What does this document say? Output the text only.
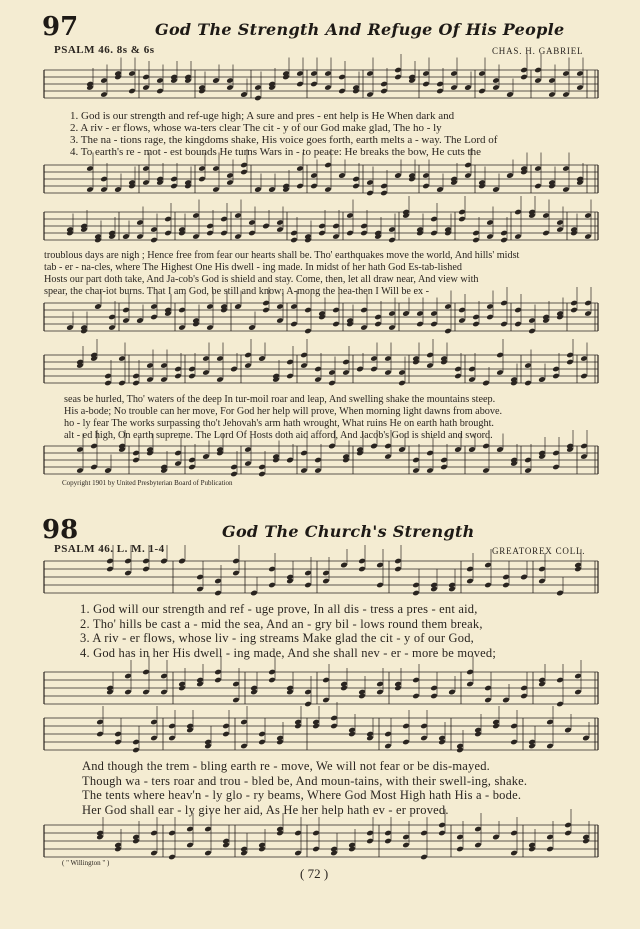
97	God The Strength And Refuge Of His People
PSALM 46. 8s & 6s	CHAS. H. GABRIEL
1. God is our strength and ref-uge high; A sure and pres - ent help is He When dark and
2. A riv - er flows, whose wa-ters clear The cit - y of our God make glad, The ho - ly
3. The na - tions rage, the kingdoms shake, His voice goes forth, earth melts a - way. The Lord of
4. To earth's re - mot - est bounds He turns Wars in - to peace: He breaks the bow, He cuts the
troublous days are nigh ; Hence free from fear our hearts shall be. Tho' earthquakes move the world, And hills' midst
tab - er - na-cles, where The Highest One His dwell - ing made. In midst of her hath God Es-tab-lished
Hosts our part doth take, And Ja-cob's God is shield and stay. Come, then, let all draw near, And view with
spear, the char-iot burns. That I am God, be still and know; A-mong the hea-then I Will be ex -
seas be hurled, Tho' waters of the deep In tur-moil roar and leap, And swelling shake the mountains steep.
His a-bode; No trouble can her move, For God her help will prove, When morning light dawns from above.
ho - ly fear The works surpassing tho't Jehovah's arm hath wrought, What ruins He on earth hath brought.
alt - ed high, On earth supreme. The Lord Of Hosts doth aid afford, And Jacob's God is shield and sword.
Copyright 1901 by United Presbyterian Board of Publication
98	God The Church's Strength
PSALM 46. L. M. 1-4	GREATOREX COLL.
1. God will our strength and ref - uge prove, In all dis - tress a pres - ent aid,
2. Tho' hills be cast a - mid the sea, And an - gry bil - lows round them break,
3. A riv - er flows, whose liv - ing streams Make glad the cit - y of our God,
4. God has in her His dwell - ing made, And she shall nev - er - more be moved;
And though the trem - bling earth re - move, We will not fear or be dis-mayed.
Though wa - ters roar and trou - bled be, And moun-tains, with their swell-ing, shake.
The tents where heav'n - ly glo - ry beams, Where God Most High hath His a - bode.
Her God shall ear - ly give her aid, As He her help hath ev - er proved.
( " Willington " )
( 72 )
